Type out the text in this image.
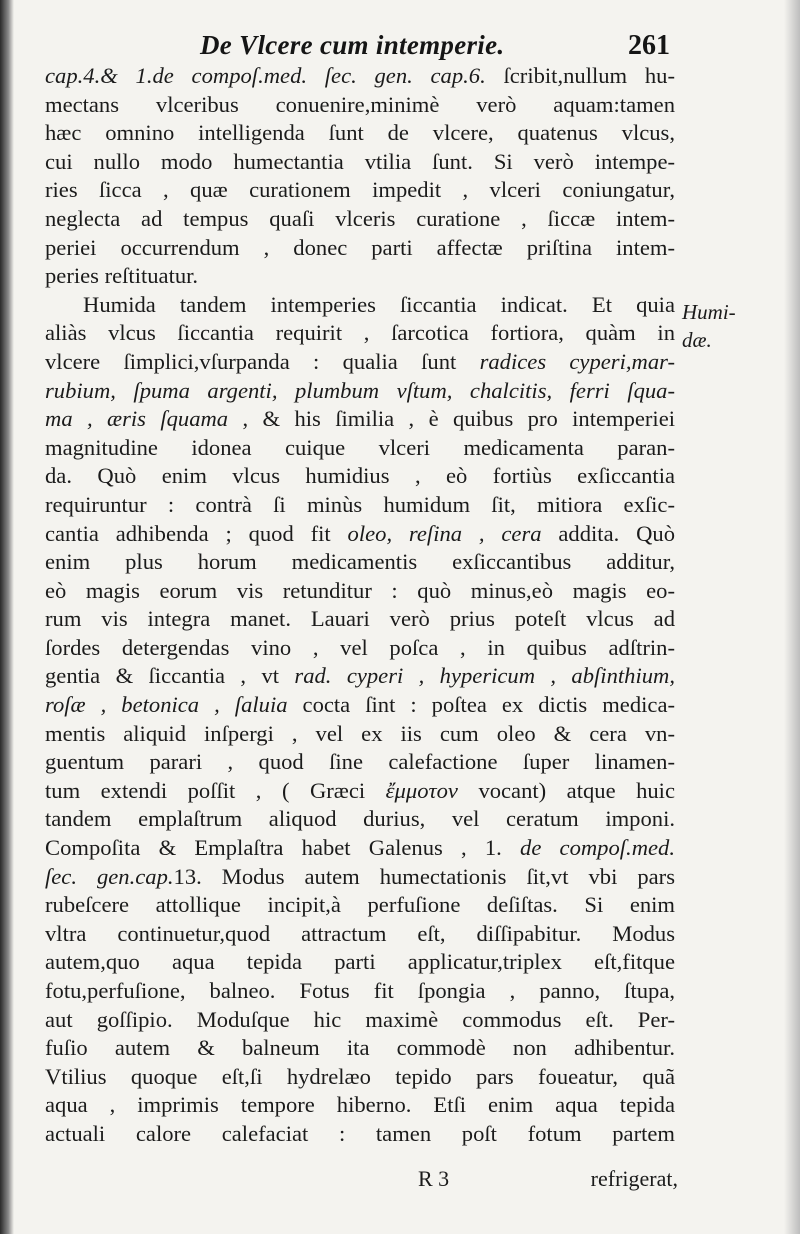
De Vlcere cum intemperie.	261
cap.4.& 1.de compoſ.med. ſec. gen. cap.6. ſcribit,nullum hu-
mectans vlceribus conuenire,minimè verò aquam:tamen
hæc omnino intelligenda ſunt de vlcere, quatenus vlcus,
cui nullo modo humectantia vtilia ſunt. Si verò intempe-
ries ſicca , quæ curationem impedit , vlceri coniungatur,
neglecta ad tempus quaſi vlceris curatione , ſiccæ intem-
periei occurrendum , donec parti affectæ priſtina intem-
peries reſtituatur.
Humida tandem intemperies ſiccantia indicat. Et quia
aliàs vlcus ſiccantia requirit , ſarcotica fortiora, quàm in
vlcere ſimplici,vſurpanda : qualia ſunt radices cyperi,mar-
rubium, ſpuma argenti, plumbum vſtum, chalcitis, ferri ſqua-
ma , æris ſquama , & his ſimilia , è quibus pro intemperiei
magnitudine idonea cuique vlceri medicamenta paran-
da. Quò enim vlcus humidius , eò fortiùs exſiccantia
requiruntur : contrà ſi minùs humidum ſit, mitiora exſic-
cantia adhibenda ; quod fit oleo, reſina , cera addita. Quò
enim plus horum medicamentis exſiccantibus additur,
eò magis eorum vis retunditur : quò minus,eò magis eo-
rum vis integra manet. Lauari verò prius poteſt vlcus ad
ſordes detergendas vino , vel poſca , in quibus adſtrin-
gentia & ſiccantia , vt rad. cyperi , hypericum , abſinthium,
roſæ , betonica , ſaluia cocta ſint : poſtea ex dictis medica-
mentis aliquid inſpergi , vel ex iis cum oleo & cera vn-
guentum parari , quod ſine calefactione ſuper linamen-
tum extendi poſſit , ( Græci ἔμμοτον vocant) atque huic
tandem emplaſtrum aliquod durius, vel ceratum imponi.
Compoſita & Emplaſtra habet Galenus , 1. de compoſ.med.
ſec. gen.cap.13. Modus autem humectationis ſit,vt vbi pars
rubeſcere attollique incipit,à perfuſione deſiſtas. Si enim
vltra continuetur,quod attractum eſt, diſſipabitur. Modus
autem,quo aqua tepida parti applicatur,triplex eſt,fitque
fotu,perfuſione, balneo. Fotus fit ſpongia , panno, ſtupa,
aut goſſipio. Moduſque hic maximè commodus eſt. Per-
fuſio autem & balneum ita commodè non adhibentur.
Vtilius quoque eſt,ſi hydrelæo tepido pars foueatur, quã
aqua , imprimis tempore hiberno. Etſi enim aqua tepida
actuali calore calefaciat : tamen poſt fotum partem
Humi-
dæ.
R 3	refrigerat,
